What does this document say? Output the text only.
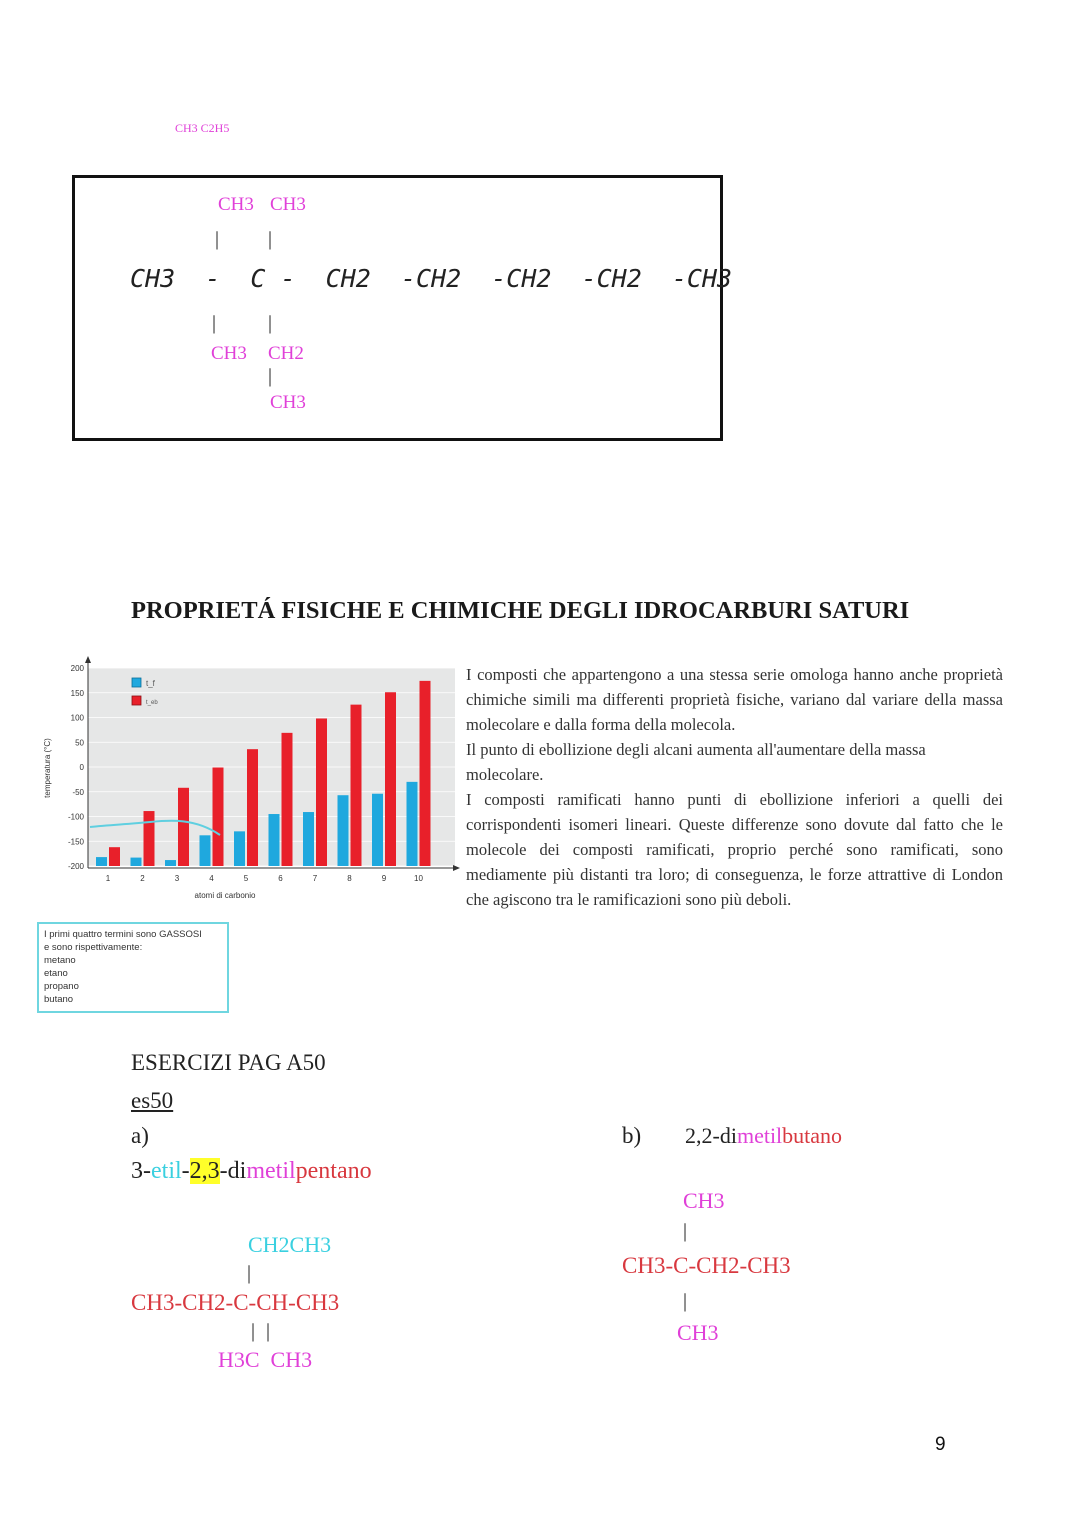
CH3 C2H5
CH3 CH3
| |
CH3  -  C -  CH2  -CH2  -CH2  -CH2  -CH3
|	|
CH3 CH2
|
CH3
PROPRIETÁ FISICHE E CHIMICHE DEGLI IDROCARBURI SATURI
200
150
100
50
0
-50
-100
-150
-200
1	2	3	4	5	6	7	8	9	10
t_f
t_eb
atomi di carbonio
temperatura (°C)
I primi quattro termini sono GASSOSI
e sono rispettivamente:
metano
etano
propano
butano

I composti che appartengono a una stessa serie omologa hanno anche proprietà chimiche simili ma differenti proprietà fisiche, variano dal variare della massa molecolare e dalla forma della molecola.

Il punto di ebollizione degli alcani aumenta all'aumentare della massa molecolare.

I composti ramificati hanno punti di ebollizione inferiori a quelli dei corrispondenti isomeri lineari. Queste differenze sono dovute dal fatto che le molecole dei composti ramificati, proprio perché sono ramificati, sono mediamente più distanti tra loro; di conseguenza, le forze attrattive di London che agiscono tra le ramificazioni sono più deboli.

ESERCIZI PAG A50
es50
a)
3-etil-2,3-dimetilpentano
CH2CH3
|
CH3-CH2-C-CH-CH3
| |
H3C  CH3
b) 2,2-dimetilbutano
CH3
|
CH3-C-CH2-CH3
|
CH3
9
